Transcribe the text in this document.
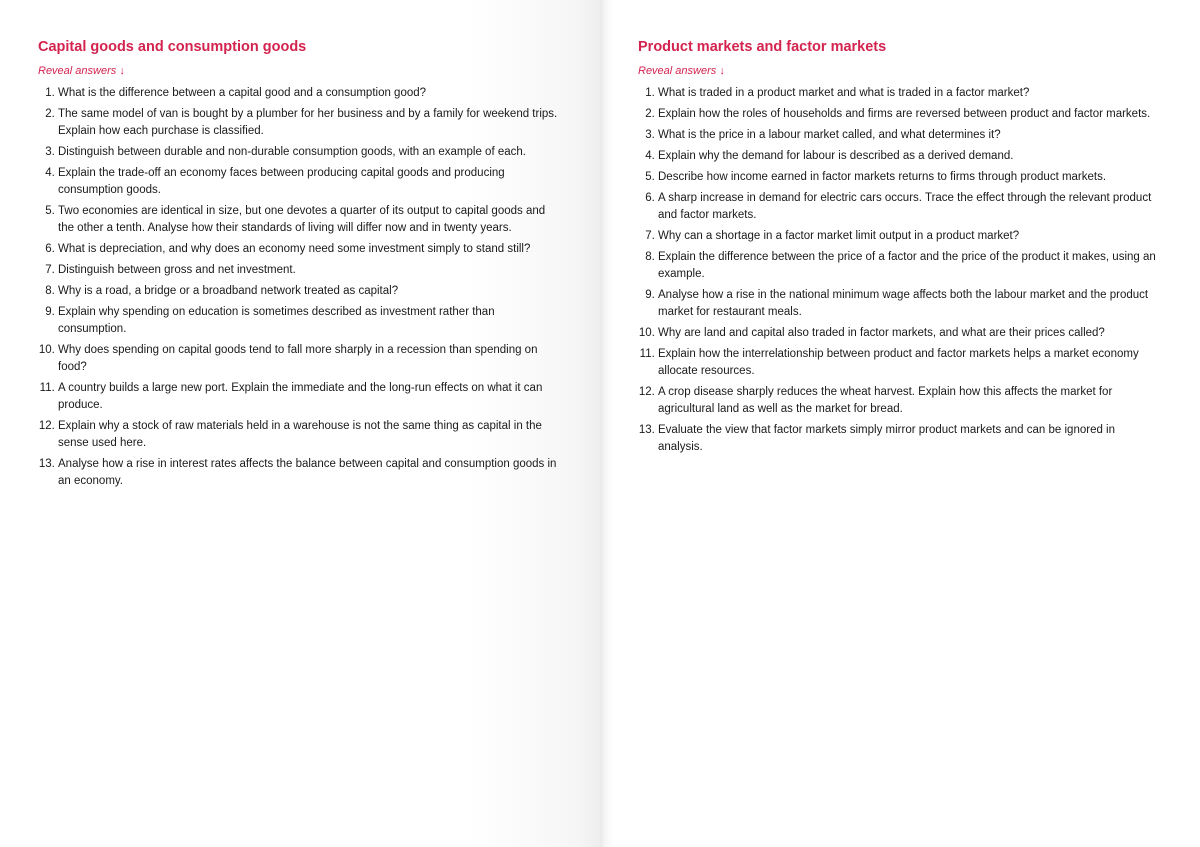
Capital goods and consumption goods
Reveal answers ↓
1. What is the difference between a capital good and a consumption good?
2. The same model of van is bought by a plumber for her business and by a family for weekend trips. Explain how each purchase is classified.
3. Distinguish between durable and non-durable consumption goods, with an example of each.
4. Explain the trade-off an economy faces between producing capital goods and producing consumption goods.
5. Two economies are identical in size, but one devotes a quarter of its output to capital goods and the other a tenth. Analyse how their standards of living will differ now and in twenty years.
6. What is depreciation, and why does an economy need some investment simply to stand still?
7. Distinguish between gross and net investment.
8. Why is a road, a bridge or a broadband network treated as capital?
9. Explain why spending on education is sometimes described as investment rather than consumption.
10. Why does spending on capital goods tend to fall more sharply in a recession than spending on food?
11. A country builds a large new port. Explain the immediate and the long-run effects on what it can produce.
12. Explain why a stock of raw materials held in a warehouse is not the same thing as capital in the sense used here.
13. Analyse how a rise in interest rates affects the balance between capital and consumption goods in an economy.
Product markets and factor markets
Reveal answers ↓
1. What is traded in a product market and what is traded in a factor market?
2. Explain how the roles of households and firms are reversed between product and factor markets.
3. What is the price in a labour market called, and what determines it?
4. Explain why the demand for labour is described as a derived demand.
5. Describe how income earned in factor markets returns to firms through product markets.
6. A sharp increase in demand for electric cars occurs. Trace the effect through the relevant product and factor markets.
7. Why can a shortage in a factor market limit output in a product market?
8. Explain the difference between the price of a factor and the price of the product it makes, using an example.
9. Analyse how a rise in the national minimum wage affects both the labour market and the product market for restaurant meals.
10. Why are land and capital also traded in factor markets, and what are their prices called?
11. Explain how the interrelationship between product and factor markets helps a market economy allocate resources.
12. A crop disease sharply reduces the wheat harvest. Explain how this affects the market for agricultural land as well as the market for bread.
13. Evaluate the view that factor markets simply mirror product markets and can be ignored in analysis.
